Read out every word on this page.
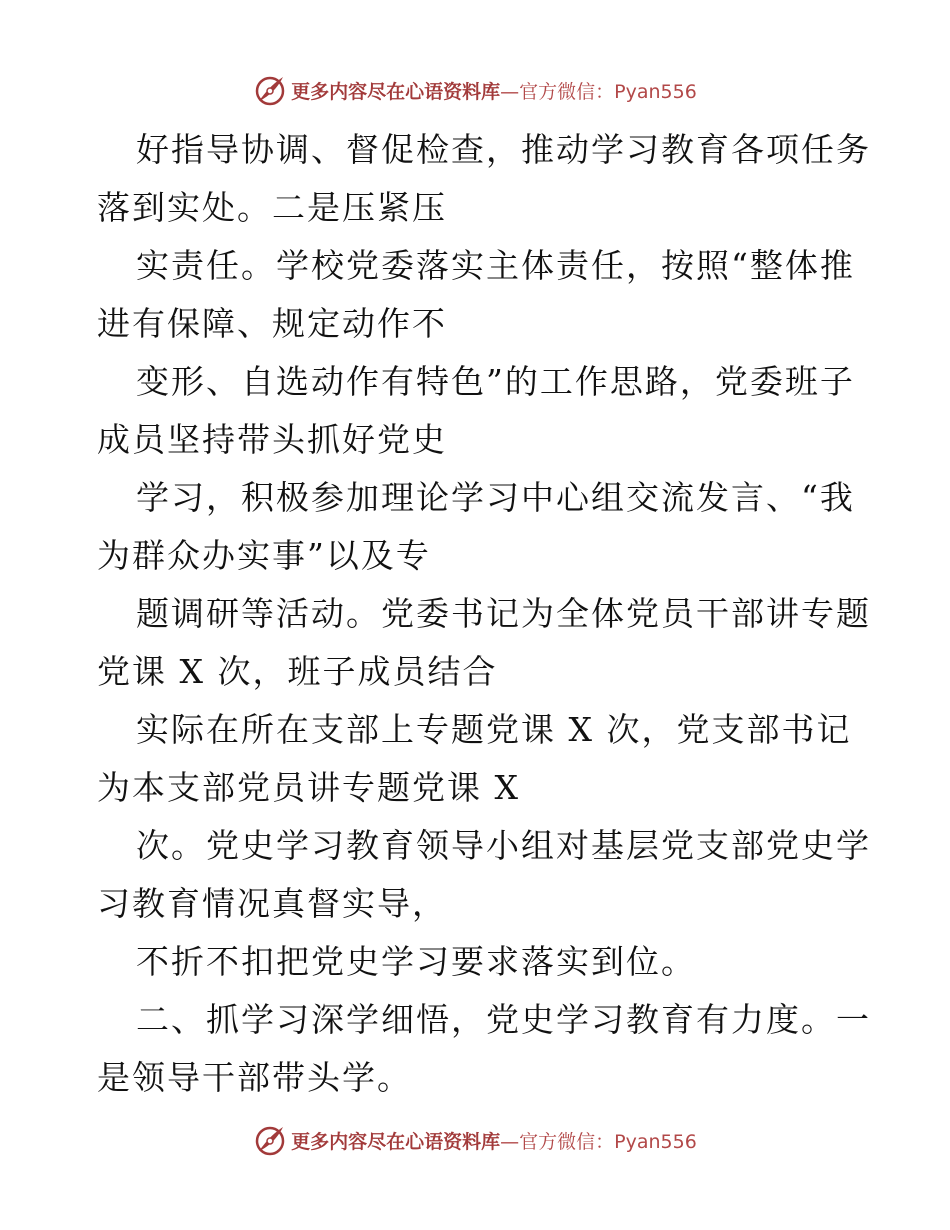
更多内容尽在心语资料库 —官方微信：Pyan556
好指导协调、督促检查，推动学习教育各项任务
落到实处。二是压紧压
实责任。学校党委落实主体责任，按照“整体推
进有保障、规定动作不
变形、自选动作有特色”的工作思路，党委班子
成员坚持带头抓好党史
学习，积极参加理论学习中心组交流发言、“我
为群众办实事”以及专
题调研等活动。党委书记为全体党员干部讲专题
党课 X 次，班子成员结合
实际在所在支部上专题党课 X 次，党支部书记
为本支部党员讲专题党课 X
次。党史学习教育领导小组对基层党支部党史学
习教育情况真督实导，
不折不扣把党史学习要求落实到位。
二、抓学习深学细悟，党史学习教育有力度。一
是领导干部带头学。
更多内容尽在心语资料库 —官方微信：Pyan556
